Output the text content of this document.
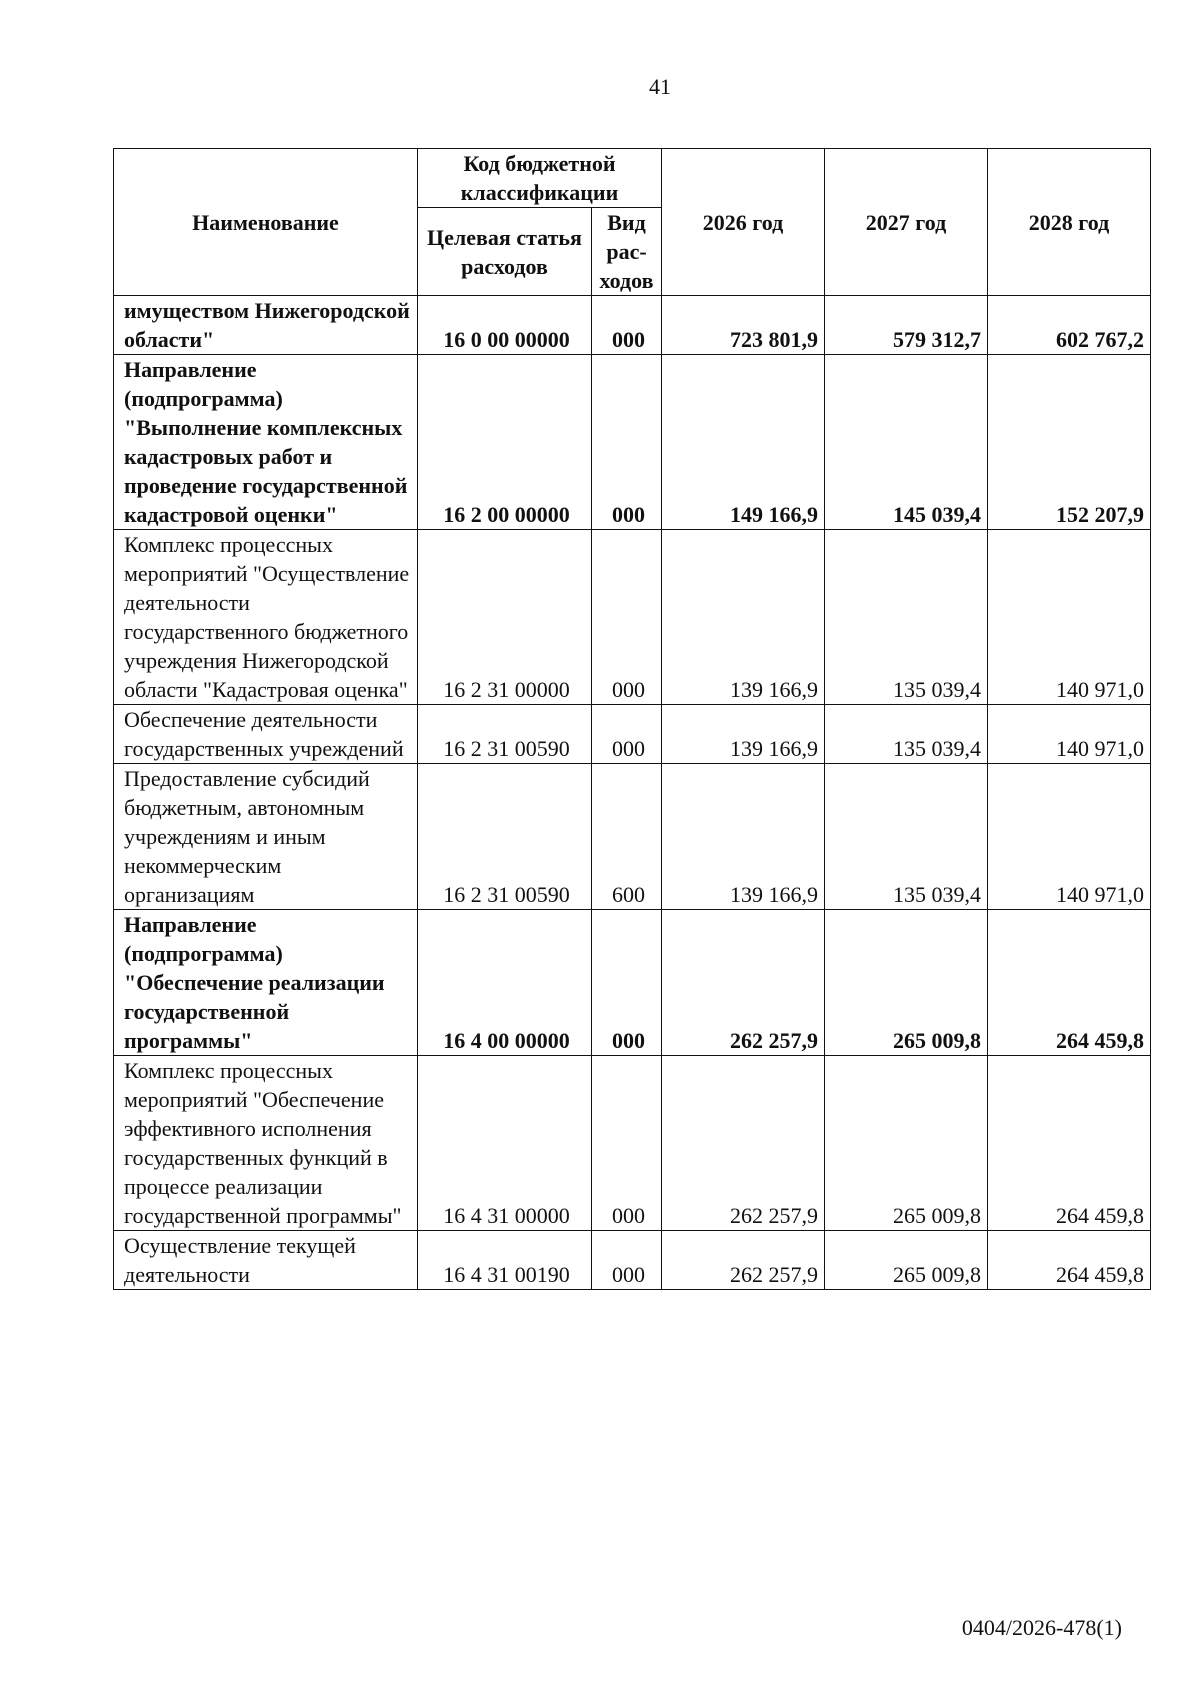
41
Наименование	Код бюджетной классификации		2026 год	2027 год	2028 год
	Целевая статья расходов	Вид рас-ходов			
имуществом Нижегородской области"	16 0 00 00000	000	723 801,9	579 312,7	602 767,2
Направление (подпрограмма) "Выполнение комплексных кадастровых работ и проведение государственной кадастровой оценки"	16 2 00 00000	000	149 166,9	145 039,4	152 207,9
Комплекс процессных мероприятий "Осуществление деятельности государственного бюджетного учреждения Нижегородской области "Кадастровая оценка"	16 2 31 00000	000	139 166,9	135 039,4	140 971,0
Обеспечение деятельности государственных учреждений	16 2 31 00590	000	139 166,9	135 039,4	140 971,0
Предоставление субсидий бюджетным, автономным учреждениям и иным некоммерческим организациям	16 2 31 00590	600	139 166,9	135 039,4	140 971,0
Направление (подпрограмма) "Обеспечение реализации государственной программы"	16 4 00 00000	000	262 257,9	265 009,8	264 459,8
Комплекс процессных мероприятий "Обеспечение эффективного исполнения государственных функций в процессе реализации государственной программы"	16 4 31 00000	000	262 257,9	265 009,8	264 459,8
Осуществление текущей деятельности	16 4 31 00190	000	262 257,9	265 009,8	264 459,8
0404/2026-478(1)
